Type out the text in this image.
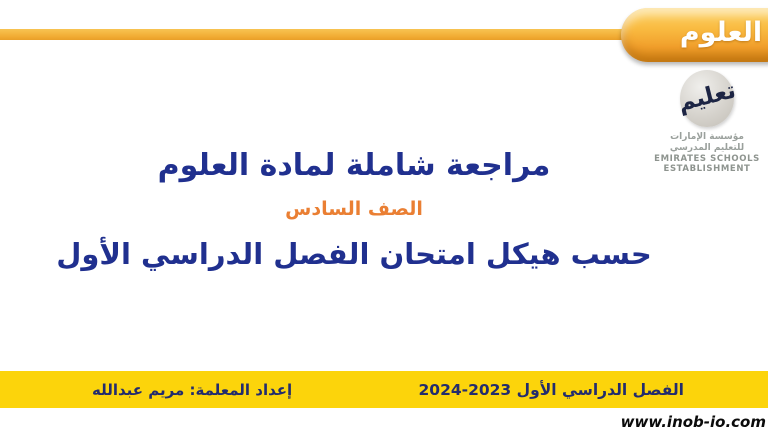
العلوم
تعليم
مؤسسة الإمارات
للتعليم المدرسي
EMIRATES SCHOOLS
ESTABLISHMENT
مراجعة شاملة لمادة العلوم
الصف السادس
حسب هيكل امتحان الفصل الدراسي الأول
الفصل الدراسي الأول 2023-2024
إعداد المعلمة: مريم عبدالله
www.inob-io.com
